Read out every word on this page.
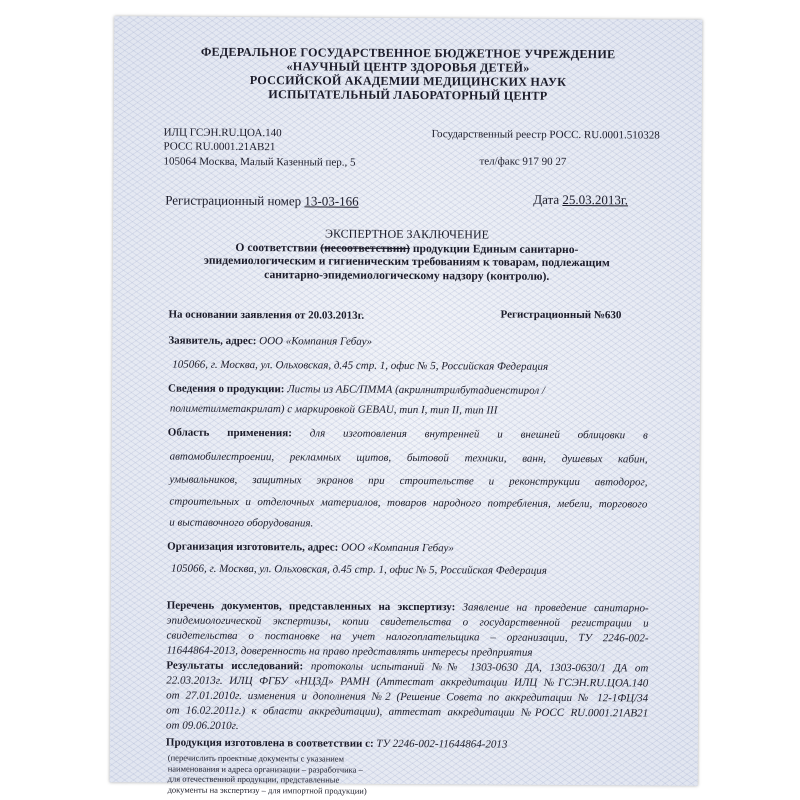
ФЕДЕРАЛЬНОЕ ГОСУДАРСТВЕННОЕ БЮДЖЕТНОЕ УЧРЕЖДЕНИЕ
«НАУЧНЫЙ ЦЕНТР ЗДОРОВЬЯ ДЕТЕЙ»
РОССИЙСКОЙ АКАДЕМИИ МЕДИЦИНСКИХ НАУК
ИСПЫТАТЕЛЬНЫЙ ЛАБОРАТОРНЫЙ ЦЕНТР
ИЛЦ ГСЭН.RU.ЦОА.140
РОСС RU.0001.21АВ21
105064 Москва, Малый Казенный пер., 5
Государственный реестр РОСС. RU.0001.510328
тел/факс 917 90 27
Регистрационный номер 13-03-166	Дата 25.03.2013г.
ЭКСПЕРТНОЕ ЗАКЛЮЧЕНИЕ
О соответствии (несоответствии) продукции Единым санитарно-
эпидемиологическим и гигиеническим требованиям к товарам, подлежащим
санитарно-эпидемиологическому надзору (контролю).
На основании заявления от 20.03.2013г.	Регистрационный №630
Заявитель, адрес: ООО «Компания Гебау»
105066, г. Москва, ул. Ольховская, д.45 стр. 1, офис № 5, Российская Федерация
Сведения о продукции: Листы из АБС/ПММА (акрилнитрилбутадиенстирол /
полиметилметакрилат) с маркировкой GEBAU, тип I, тип II, тип III
Область применения: для изготовления внутренней и внешней облицовки в
автомобилестроении, рекламных щитов, бытовой техники, ванн, душевых кабин,
умывальников, защитных экранов при строительстве и реконструкции автодорог,
строительных и отделочных материалов, товаров народного потребления, мебели, торгового
и выставочного оборудования.
Организация изготовитель, адрес: ООО «Компания Гебау»
105066, г. Москва, ул. Ольховская, д.45 стр. 1, офис № 5, Российская Федерация
Перечень документов, представленных на экспертизу: Заявление на проведение санитарно-
эпидемиологической экспертизы, копии свидетельства о государственной регистрации и
свидетельства о постановке на учет налогоплательщика – организации, ТУ 2246-002-
11644864-2013, доверенность на право представлять интересы предприятия
Результаты исследований: протоколы испытаний №№ 1303-0630 ДА, 1303-0630/1 ДА от
22.03.2013г. ИЛЦ ФГБУ «НЦЗД» РАМН (Аттестат аккредитации ИЛЦ №ГСЭН.RU.ЦОА.140
от 27.01.2010г. изменения и дополнения №2 (Решение Совета по аккредитации № 12-1ФЦ/34
от 16.02.2011г.) к области аккредитации), аттестат аккредитации №РОСС RU.0001.21АВ21
от 09.06.2010г.
Продукция изготовлена в соответствии с: ТУ 2246-002-11644864-2013
(перечислить проектные документы с указанием
наименования и адреса организации – разработчика –
для отечественной продукции, представленные
документы на экспертизу – для импортной продукции)
